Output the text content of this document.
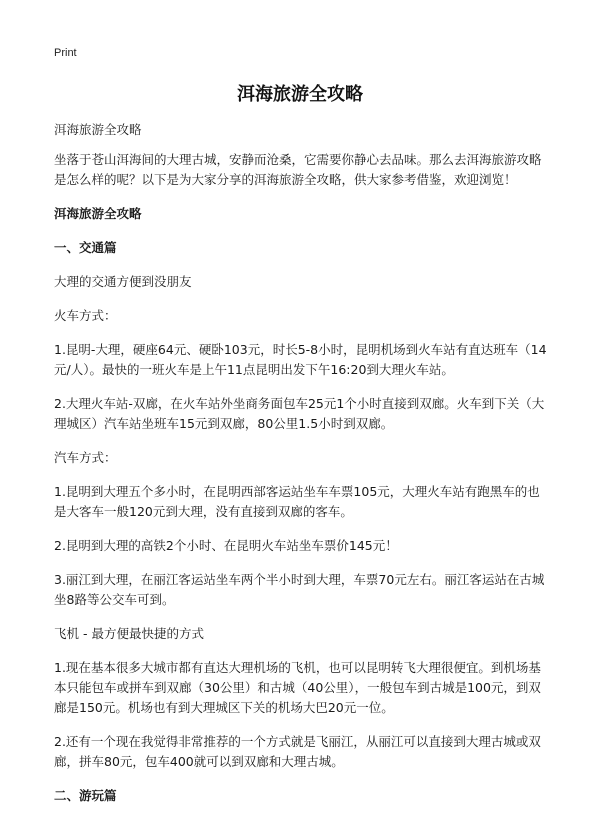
Print
洱海旅游全攻略

洱海旅游全攻略

坐落于苍山洱海间的大理古城，安静而沧桑，它需要你静心去品味。那么去洱海旅游攻略是怎么样的呢？以下是为大家分享的洱海旅游全攻略，供大家参考借鉴，欢迎浏览！

洱海旅游全攻略

一、交通篇

大理的交通方便到没朋友

火车方式：

1.昆明-大理，硬座64元、硬卧103元，时长5-8小时，昆明机场到火车站有直达班车（14元/人）。最快的一班火车是上午11点昆明出发下午16:20到大理火车站。

2.大理火车站-双廊，在火车站外坐商务面包车25元1个小时直接到双廊。火车到下关（大理城区）汽车站坐班车15元到双廊，80公里1.5小时到双廊。

汽车方式：

1.昆明到大理五个多小时，在昆明西部客运站坐车车票105元，大理火车站有跑黑车的也是大客车一般120元到大理，没有直接到双廊的客车。

2.昆明到大理的高铁2个小时、在昆明火车站坐车票价145元！

3.丽江到大理，在丽江客运站坐车两个半小时到大理，车票70元左右。丽江客运站在古城坐8路等公交车可到。

飞机 - 最方便最快捷的方式

1.现在基本很多大城市都有直达大理机场的飞机，也可以昆明转飞大理很便宜。到机场基本只能包车或拼车到双廊（30公里）和古城（40公里），一般包车到古城是100元，到双廊是150元。机场也有到大理城区下关的机场大巴20元一位。

2.还有一个现在我觉得非常推荐的一个方式就是飞丽江，从丽江可以直接到大理古城或双廊，拼车80元，包车400就可以到双廊和大理古城。

二、游玩篇
